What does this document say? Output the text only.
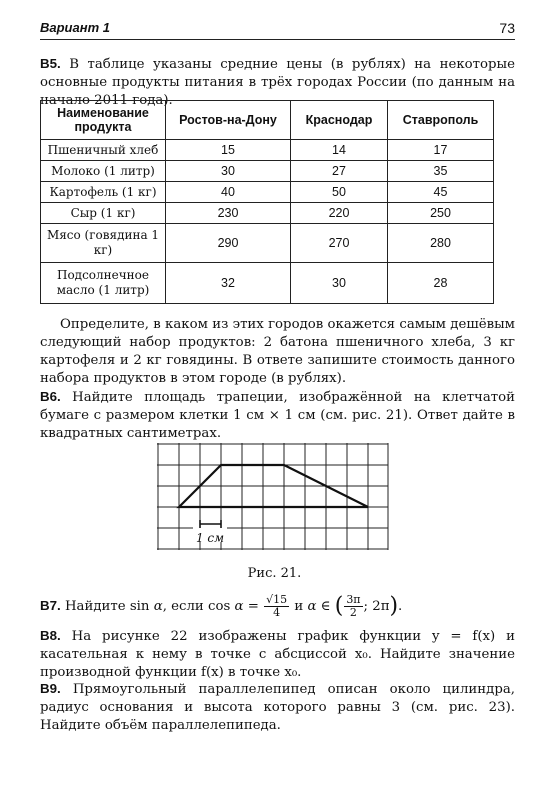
Вариант 1	73
B5. В таблице указаны средние цены (в рублях) на некоторые основные продукты питания в трёх городах России (по данным на начало 2011 года).
Наименование продукта	Ростов-на-Дону	Краснодар	Ставрополь
Пшеничный хлеб	15	14	17
Молоко (1 литр)	30	27	35
Картофель (1 кг)	40	50	45
Сыр (1 кг)	230	220	250
Мясо (говядина 1 кг)	290	270	280
Подсолнечное масло (1 литр)	32	30	28
Определите, в каком из этих городов окажется самым дешёвым следующий набор продуктов: 2 батона пшеничного хлеба, 3 кг картофеля и 2 кг говядины. В ответе запишите стоимость данного набора продуктов в этом городе (в рублях).
B6. Найдите площадь трапеции, изображённой на клетчатой бумаге с размером клетки 1 см × 1 см (см. рис. 21). Ответ дайте в квадратных сантиметрах.
1 см
Рис. 21.
B7. Найдите sin α, если $\cos \alpha = \frac{√15}{4}$ и α ∈ ( $\frac{3\pi}{2}$ ; 2π).
B8. На рисунке 22 изображены график функции y = f(x) и касательная к нему в точке с абсциссой x₀. Найдите значение производной функции f(x) в точке x₀.
B9. Прямоугольный параллелепипед описан около цилиндра, радиус основания и высота которого равны 3 (см. рис. 23). Найдите объём параллелепипеда.
